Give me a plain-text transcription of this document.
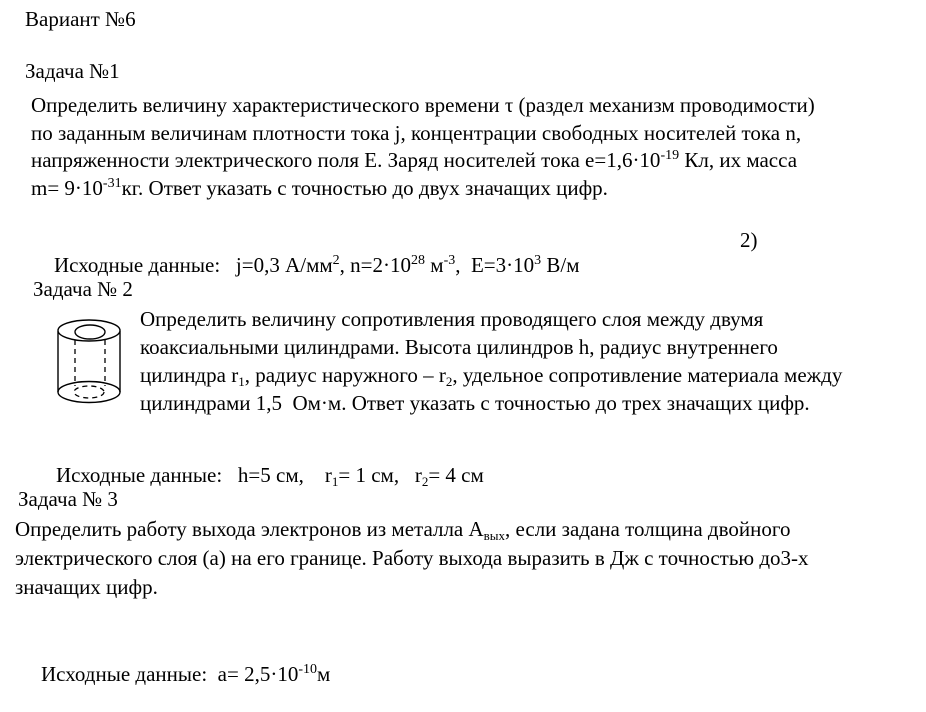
Вариант №6
Задача №1
Определить величину характеристического времени τ (раздел механизм проводимости)
по заданным величинам плотности тока j, концентрации свободных носителей тока n,
напряженности электрического поля Е. Заряд носителей тока $е=1,6\cdot 10^{-19}$ Кл, их масса
$m= 9\cdot 10^{-31}кг$. Ответ указать с точностью до двух значащих цифр.

Исходные данные:   j=0,3 $А/мм^2$, $n=2\cdot 10^{28}$ $м^{-3}$,  $Е=3\cdot 10^3$ В/м

2)

Задача № 2
Определить величину сопротивления проводящего слоя между двумя
коаксиальными цилиндрами. Высота цилиндров h, радиус внутреннего
цилиндра $r_1$, радиус наружного – $r_2$, удельное сопротивление материала между
цилиндрами 1,5  Ом·м. Ответ указать с точностью до трех значащих цифр.

Исходные данные:   h=5 см,    $r_1= 1$ см,   $r_2= 4$ см

Задача № 3
Определить работу выхода электронов из металла $А_{вых}$, если задана толщина двойного
электрического слоя (а) на его границе. Работу выхода выразить в Дж с точностью до3-х
значащих цифр.

Исходные данные:  $а= 2,5\cdot 10^{-10}м$
